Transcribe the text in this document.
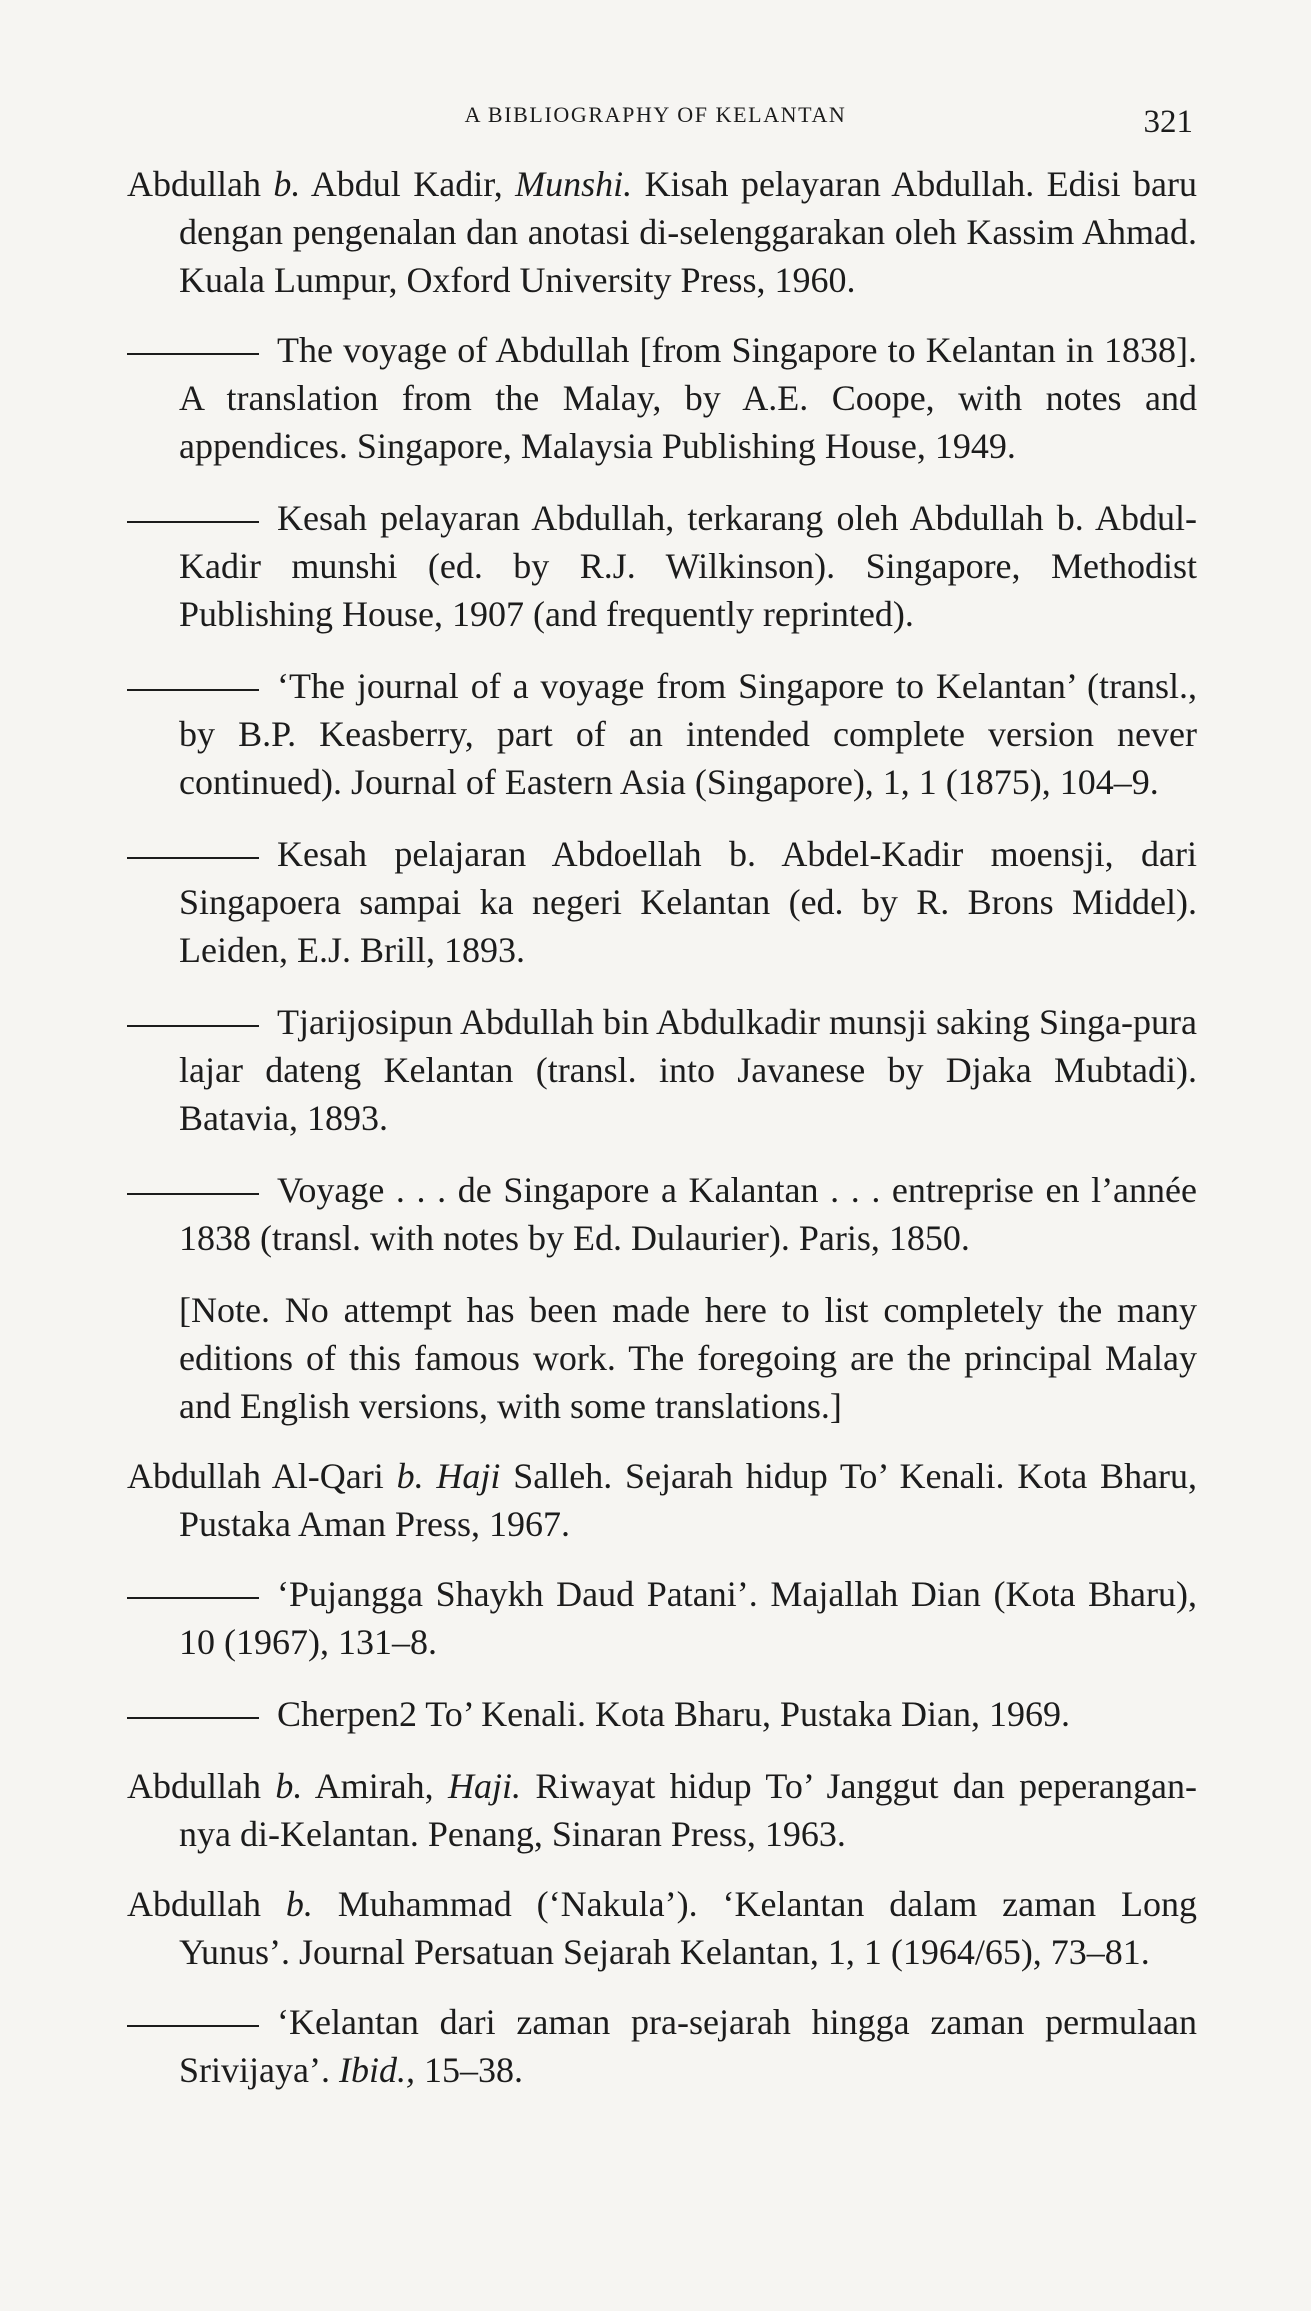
A BIBLIOGRAPHY OF KELANTAN	321

Abdullah b. Abdul Kadir, Munshi. Kisah pelayaran Abdullah. Edisi baru dengan pengenalan dan anotasi di-selenggarakan oleh Kassim Ahmad. Kuala Lumpur, Oxford University Press, 1960.

The voyage of Abdullah [from Singapore to Kelantan in 1838]. A translation from the Malay, by A.E. Coope, with notes and appendices. Singapore, Malaysia Publishing House, 1949.

Kesah pelayaran Abdullah, terkarang oleh Abdullah b. Abdul-Kadir munshi (ed. by R.J. Wilkinson). Singapore, Methodist Publishing House, 1907 (and frequently reprinted).

‘The journal of a voyage from Singapore to Kelantan’ (transl., by B.P. Keasberry, part of an intended complete version never continued). Journal of Eastern Asia (Singapore), 1, 1 (1875), 104–9.

Kesah pelajaran Abdoellah b. Abdel-Kadir moensji, dari Singapoera sampai ka negeri Kelantan (ed. by R. Brons Middel). Leiden, E.J. Brill, 1893.

Tjarijosipun Abdullah bin Abdulkadir munsji saking Singa-pura lajar dateng Kelantan (transl. into Javanese by Djaka Mubtadi). Batavia, 1893.

Voyage . . . de Singapore a Kalantan . . . entreprise en l’année 1838 (transl. with notes by Ed. Dulaurier). Paris, 1850.

[Note. No attempt has been made here to list completely the many editions of this famous work. The foregoing are the principal Malay and English versions, with some translations.]

Abdullah Al-Qari b. Haji Salleh. Sejarah hidup To’ Kenali. Kota Bharu, Pustaka Aman Press, 1967.

‘Pujangga Shaykh Daud Patani’. Majallah Dian (Kota Bharu), 10 (1967), 131–8.

Cherpen2 To’ Kenali. Kota Bharu, Pustaka Dian, 1969.

Abdullah b. Amirah, Haji. Riwayat hidup To’ Janggut dan peperangan-nya di-Kelantan. Penang, Sinaran Press, 1963.

Abdullah b. Muhammad (‘Nakula’). ‘Kelantan dalam zaman Long Yunus’. Journal Persatuan Sejarah Kelantan, 1, 1 (1964/65), 73–81.

‘Kelantan dari zaman pra-sejarah hingga zaman permulaan Srivijaya’. Ibid., 15–38.
